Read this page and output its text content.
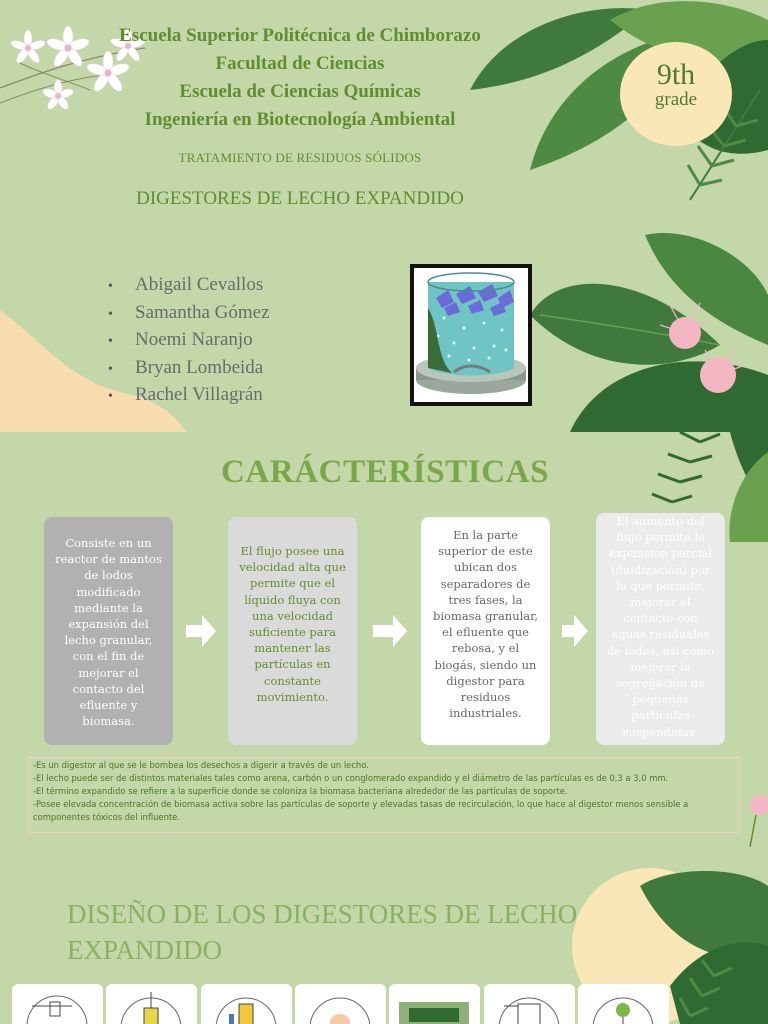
Escuela Superior Politécnica de Chimborazo
Facultad de Ciencias
Escuela de Ciencias Químicas
Ingeniería en Biotecnología Ambiental
9th
grade
TRATAMIENTO DE RESIDUOS SÓLIDOS
DIGESTORES DE LECHO EXPANDIDO
• Abigail Cevallos
• Samantha Gómez
• Noemi Naranjo
• Bryan Lombeida
• Rachel Villagrán
CARÁCTERÍSTICAS
Consiste en un reactor de mantos de lodos modificado mediante la expansión del lecho granular, con el fin de mejorar el contacto del efluente y biomasa.
El flujo posee una velocidad alta que permite que el líquido fluya con una velocidad suficiente para mantener las partículas en constante movimiento.
En la parte superior de este ubican dos separadores de tres fases, la biomasa granular, el efluente que rebosa, y el biogás, siendo un digestor para residuos industriales.
El aumento del flujo permite la expansión parcial (fluidización) por lo que permite, mejorar el contacto con aguas residuales de lodos, así como mejorar la segregación de pequeñas partículas suspendidas.
-Es un digestor al que se le bombea los desechos a digerir a través de un lecho.
-El lecho puede ser de distintos materiales tales como arena, carbón o un conglomerado expandido y el diámetro de las partículas es de 0,3 a 3,0 mm.
-El término expandido se refiere a la superficie donde se coloniza la biomasa bacteriana alrededor de las partículas de soporte.
-Posee elevada concentración de biomasa activa sobre las partículas de soporte y elevadas tasas de recirculación, lo que hace al digestor menos sensible a componentes tóxicos del influente.
DISEÑO DE LOS DIGESTORES DE LECHO EXPANDIDO
